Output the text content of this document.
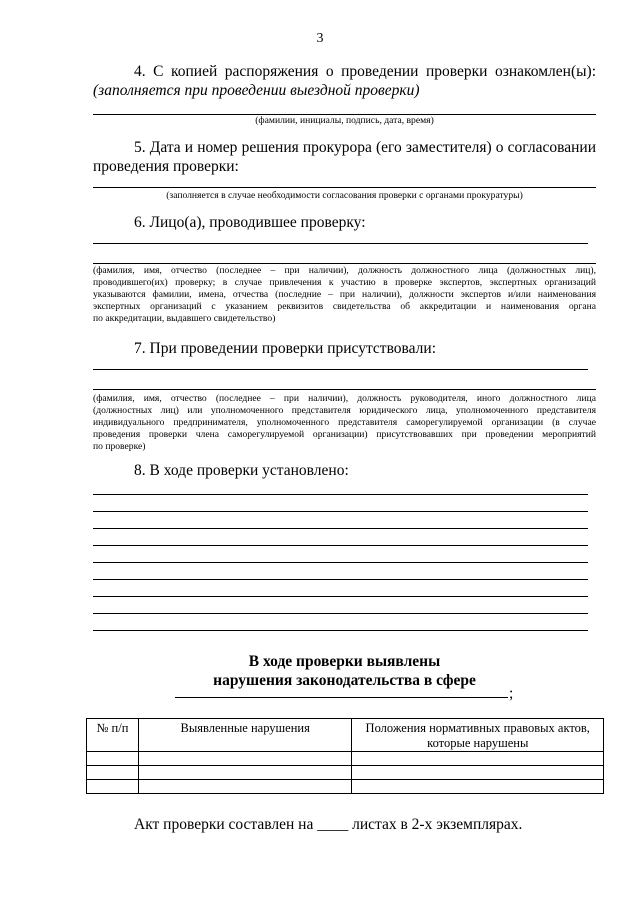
3
4. С копией распоряжения о проведении проверки ознакомлен(ы):
(заполняется при проведении выездной проверки)
(фамилии, инициалы, подпись, дата, время)
5. Дата и номер решения прокурора (его заместителя) о согласовании
проведения проверки:
(заполняется в случае необходимости согласования проверки с органами прокуратуры)
6. Лицо(а), проводившее проверку:
(фамилия, имя, отчество (последнее – при наличии), должность должностного лица (должностных лиц),
проводившего(их) проверку; в случае привлечения к участию в проверке экспертов, экспертных организаций
указываются фамилии, имена, отчества (последние – при наличии), должности экспертов и/или наименования
экспертных организаций с указанием реквизитов свидетельства об аккредитации и наименования органа
по аккредитации, выдавшего свидетельство)
7. При проведении проверки присутствовали:
(фамилия, имя, отчество (последнее – при наличии), должность руководителя, иного должностного лица
(должностных лиц) или уполномоченного представителя юридического лица, уполномоченного представителя
индивидуального предпринимателя, уполномоченного представителя саморегулируемой организации (в случае
проведения проверки члена саморегулируемой организации) присутствовавших при проведении мероприятий
по проверке)
8. В ходе проверки установлено:
В ходе проверки выявлены
нарушения законодательства в сфере
;
№ п/п	Выявленные нарушения	Положения нормативных правовых актов, которые нарушены

Акт проверки составлен на ____ листах в 2-х экземплярах.
